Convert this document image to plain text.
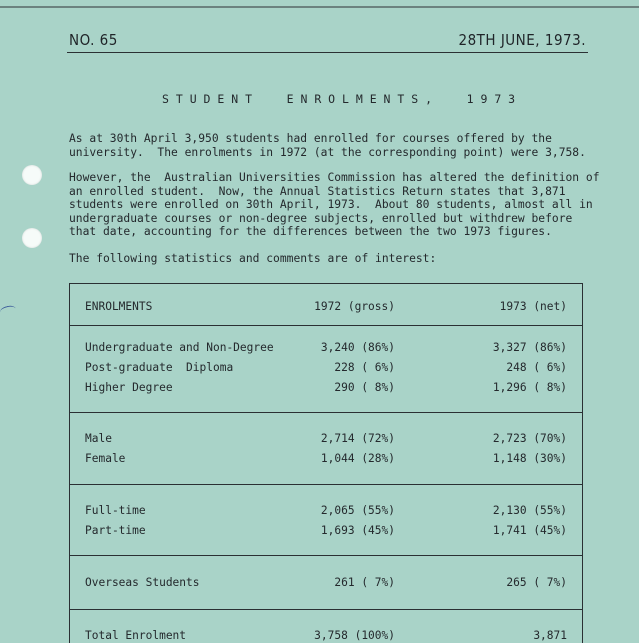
NO. 65	28TH JUNE, 1973.
S T U D E N T     E N R O L M E N T S ,     1 9 7 3

As at 30th April 3,950 students had enrolled for courses offered by the
university.  The enrolments in 1972 (at the corresponding point) were 3,758.

However, the  Australian Universities Commission has altered the definition of
an enrolled student.  Now, the Annual Statistics Return states that 3,871
students were enrolled on 30th April, 1973.  About 80 students, almost all in
undergraduate courses or non-degree subjects, enrolled but withdrew before
that date, accounting for the differences between the two 1973 figures.

The following statistics and comments are of interest:

ENROLMENTS	1972 (gross)	1973 (net)
Undergraduate and Non-Degree	3,240 (86%)	3,327 (86%)
Post-graduate  Diploma	228 ( 6%)	248 ( 6%)
Higher Degree	290 ( 8%)	1,296 ( 8%)
Male	2,714 (72%)	2,723 (70%)
Female	1,044 (28%)	1,148 (30%)
Full-time	2,065 (55%)	2,130 (55%)
Part-time	1,693 (45%)	1,741 (45%)
Overseas Students	261 ( 7%)	265 ( 7%)
Total Enrolment	3,758 (100%)	3,871
